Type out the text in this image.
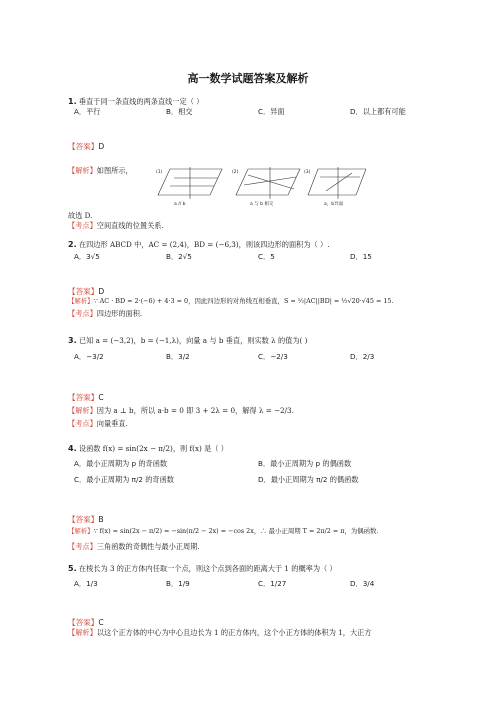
高一数学试题答案及解析
1. 垂直于同一条直线的两条直线一定（ ）
A．平行	B．相交	C．异面	D．以上都有可能
【答案】D
【解析】如图所示，	(1)	(2)	(3)
a // b	a 与 b 相交	a，b异面
故选 D.
【考点】空间直线的位置关系.
2. 在四边形 ABCD 中，AC = (2,4)，BD = (−6,3)，则该四边形的面积为（ ）.
A．3√5	B．2√5	C．5	D．15
【答案】D
【解析】∵ AC · BD = 2·(−6) + 4·3 = 0，因此四边形的对角线互相垂直，S = ½|AC||BD| = ½√20·√45 = 15.
【考点】四边形的面积.
3. 已知 a = (−3,2)，b = (−1,λ)，向量 a 与 b 垂直，则实数 λ 的值为( )
A．−3/2	B．3/2	C．−2/3	D．2/3
【答案】C
【解析】因为 a ⊥ b，所以 a·b = 0 即 3 + 2λ = 0，解得 λ = −2/3.
【考点】向量垂直.
4. 设函数 f(x) = sin(2x − π/2)，则 f(x) 是（ ）
A．最小正周期为 p 的奇函数	B．最小正周期为 p 的偶函数
C．最小正周期为 π/2 的奇函数	D．最小正周期为 π/2 的偶函数
【答案】B
【解析】∵ f(x) = sin(2x − π/2) = −sin(π/2 − 2x) = −cos 2x，∴ 最小正周期 T = 2π/2 = π，为偶函数.
【考点】三角函数的奇偶性与最小正周期.
5. 在棱长为 3 的正方体内任取一个点，则这个点到各面的距离大于 1 的概率为（ ）
A．1/3	B．1/9	C．1/27	D．3/4
【答案】C
【解析】以这个正方体的中心为中心且边长为 1 的正方体内，这个小正方体的体积为 1，大正方
